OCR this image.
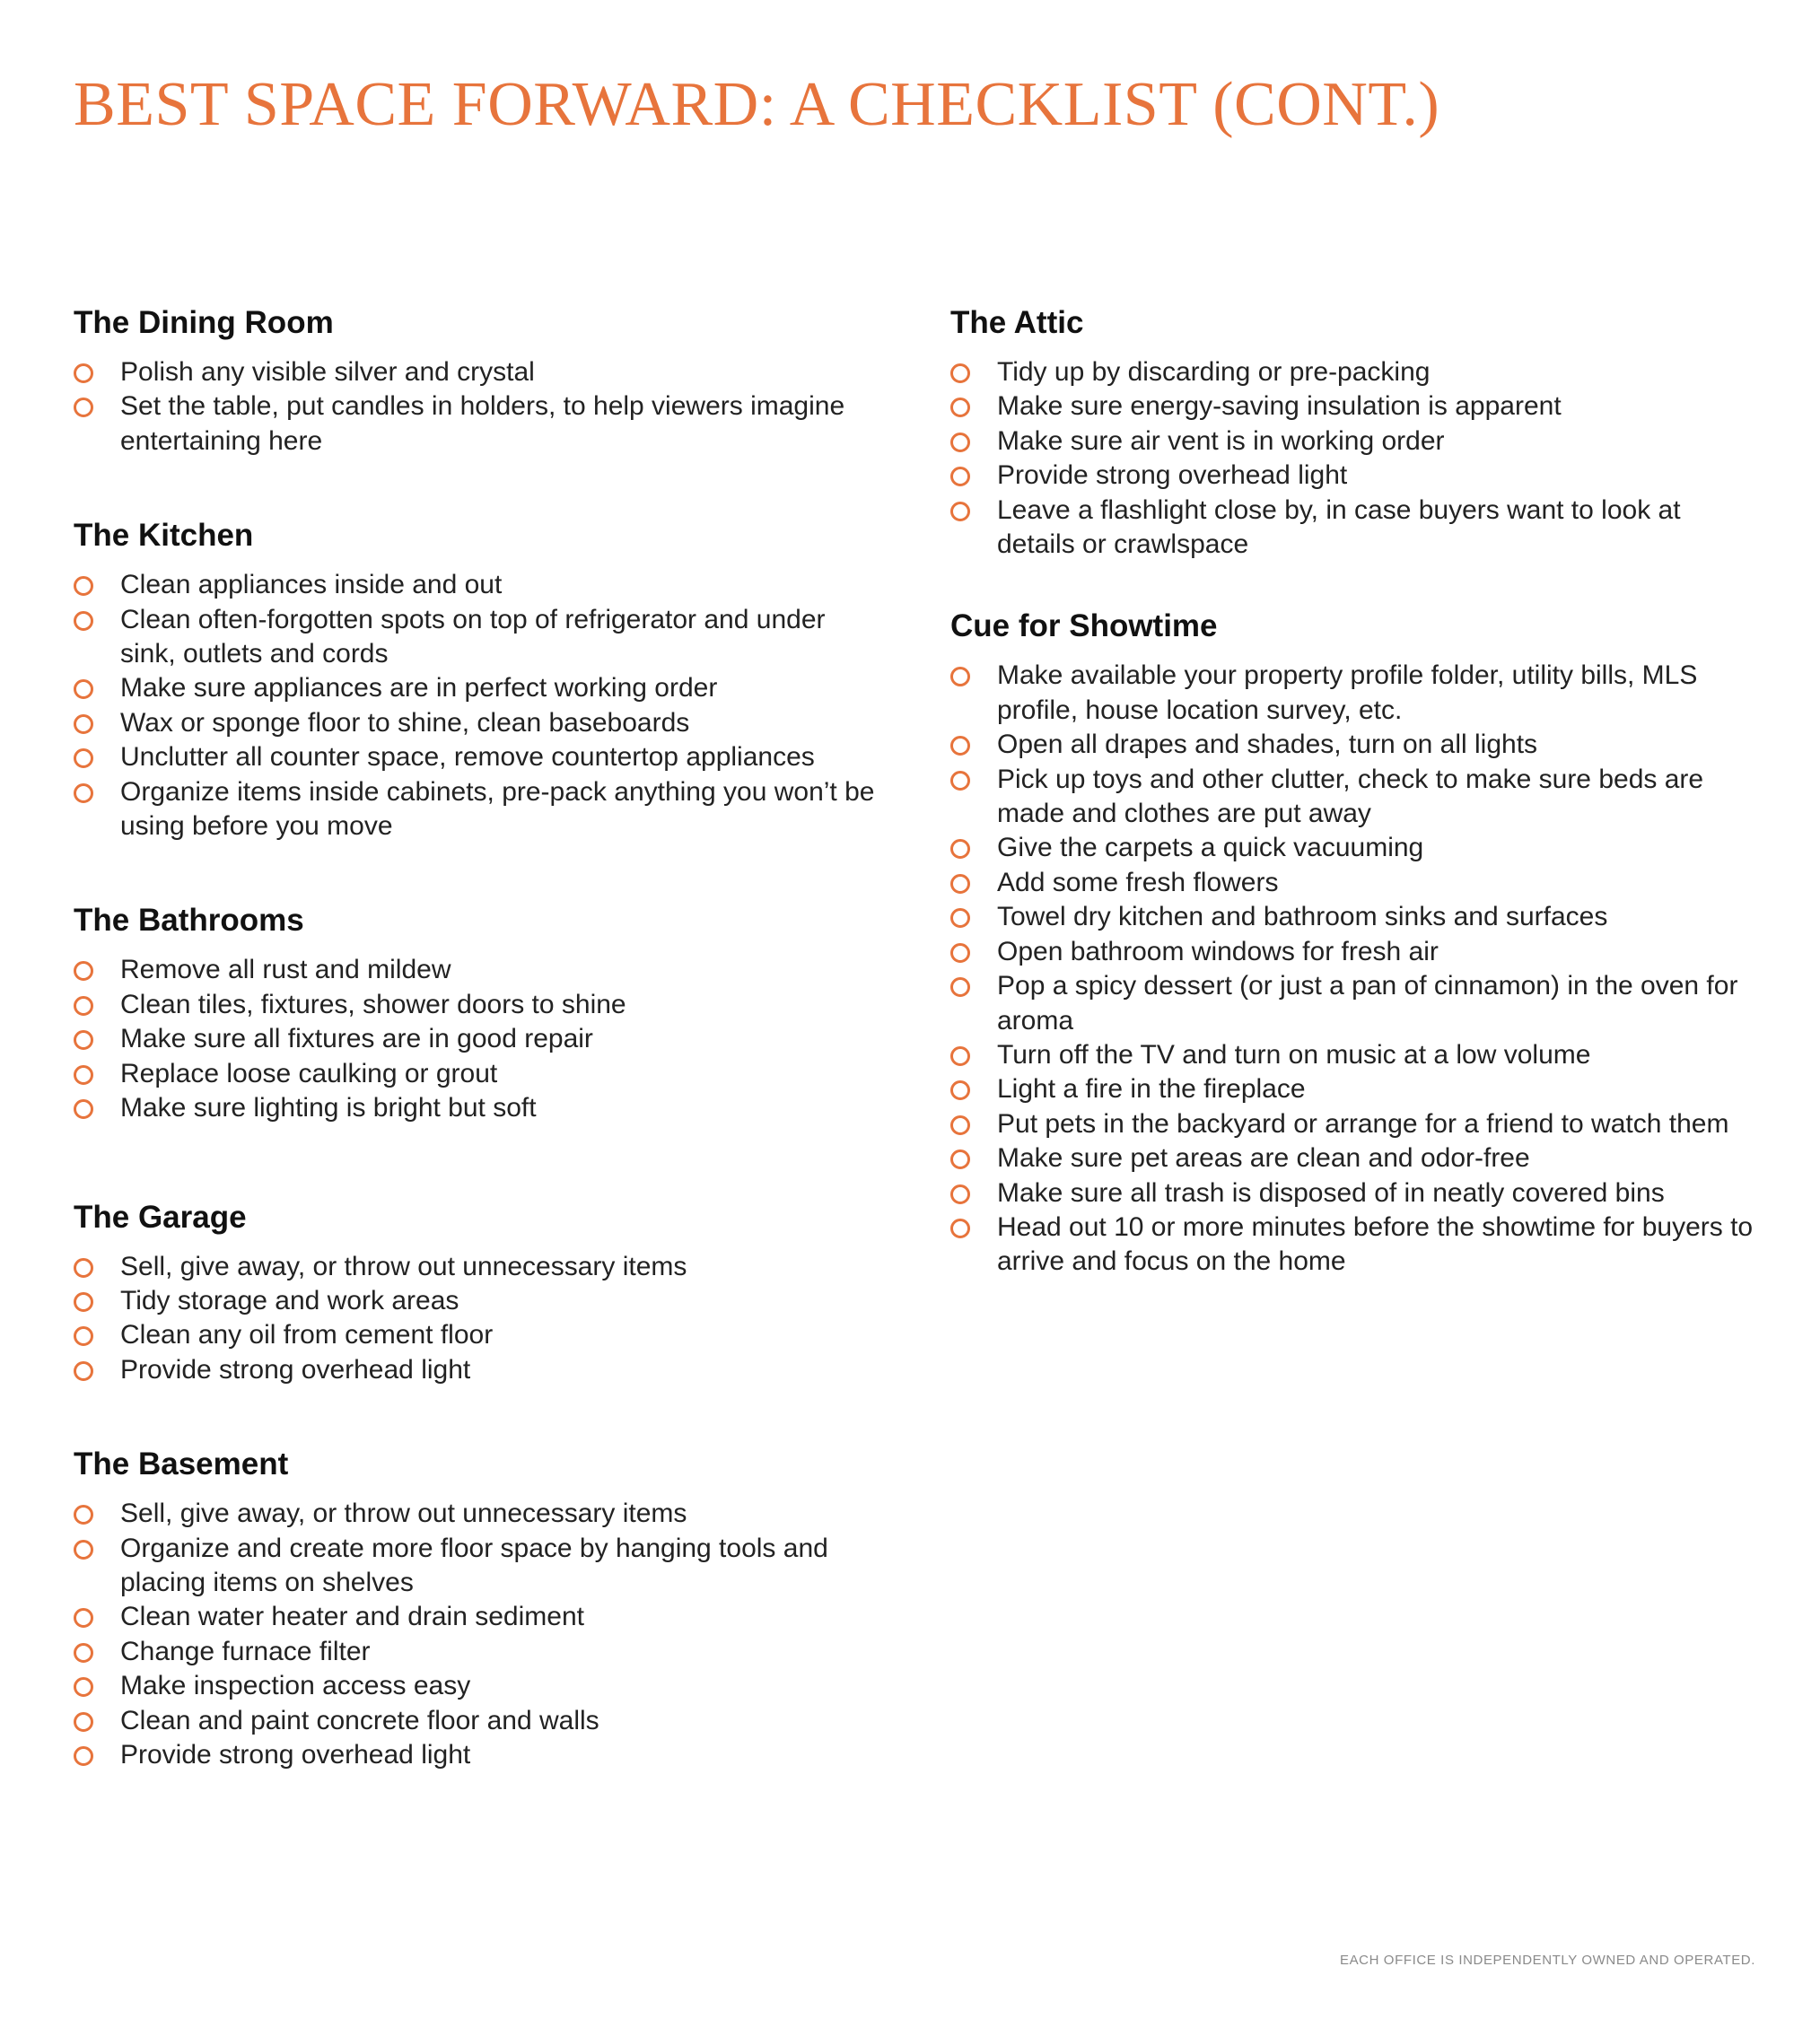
BEST SPACE FORWARD: A CHECKLIST (CONT.)
The Dining Room
Polish any visible silver and crystal
Set the table, put candles in holders, to help viewers imagine entertaining here
The Kitchen
Clean appliances inside and out
Clean often-forgotten spots on top of refrigerator and under sink, outlets and cords
Make sure appliances are in perfect working order
Wax or sponge floor to shine, clean baseboards
Unclutter all counter space, remove countertop appliances
Organize items inside cabinets, pre-pack anything you won’t be using before you move
The Bathrooms
Remove all rust and mildew
Clean tiles, fixtures, shower doors to shine
Make sure all fixtures are in good repair
Replace loose caulking or grout
Make sure lighting is bright but soft
The Garage
Sell, give away, or throw out unnecessary items
Tidy storage and work areas
Clean any oil from cement floor
Provide strong overhead light
The Basement
Sell, give away, or throw out unnecessary items
Organize and create more floor space by hanging tools and placing items on shelves
Clean water heater and drain sediment
Change furnace filter
Make inspection access easy
Clean and paint concrete floor and walls
Provide strong overhead light
The Attic
Tidy up by discarding or pre-packing
Make sure energy-saving insulation is apparent
Make sure air vent is in working order
Provide strong overhead light
Leave a flashlight close by, in case buyers want to look at details or crawlspace
Cue for Showtime
Make available your property profile folder, utility bills, MLS profile, house location survey, etc.
Open all drapes and shades, turn on all lights
Pick up toys and other clutter, check to make sure beds are made and clothes are put away
Give the carpets a quick vacuuming
Add some fresh flowers
Towel dry kitchen and bathroom sinks and surfaces
Open bathroom windows for fresh air
Pop a spicy dessert (or just a pan of cinnamon) in the oven for aroma
Turn off the TV and turn on music at a low volume
Light a fire in the fireplace
Put pets in the backyard or arrange for a friend to watch them
Make sure pet areas are clean and odor-free
Make sure all trash is disposed of in neatly covered bins
Head out 10 or more minutes before the showtime for buyers to arrive and focus on the home
EACH OFFICE IS INDEPENDENTLY OWNED AND OPERATED.
